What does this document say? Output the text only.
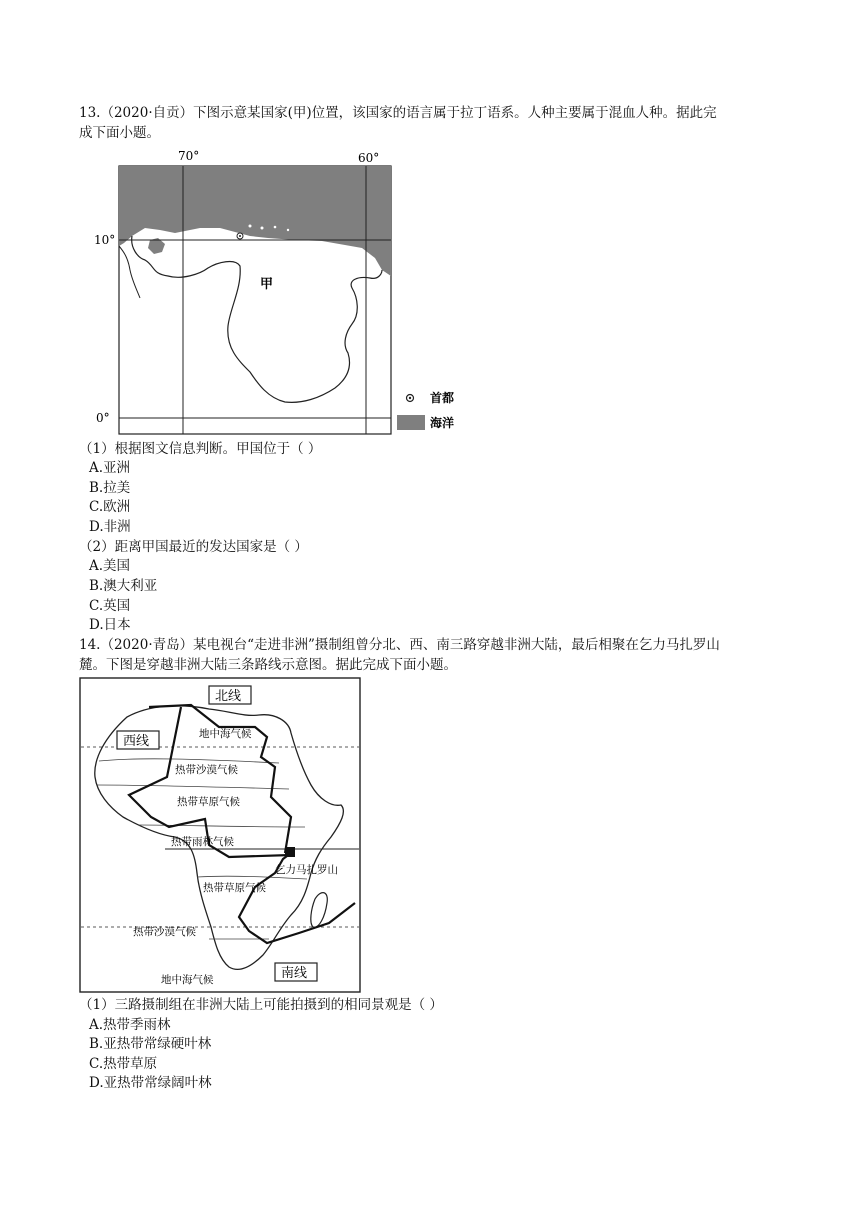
13.（2020·自贡）下图示意某国家(甲)位置，该国家的语言属于拉丁语系。人种主要属于混血人种。据此完
成下面小题。
70°	60°
10°
0°
甲
首都
海洋
（1）根据图文信息判断。甲国位于（ ）
A.亚洲
B.拉美
C.欧洲
D.非洲
（2）距离甲国最近的发达国家是（ ）
A.美国
B.澳大利亚
C.英国
D.日本
14.（2020·青岛）某电视台“走进非洲”摄制组曾分北、西、南三路穿越非洲大陆，最后相聚在乞力马扎罗山
麓。下图是穿越非洲大陆三条路线示意图。据此完成下面小题。
北线
西线
南线
地中海气候
热带沙漠气候
热带草原气候
热带雨林气候
乞力马扎罗山
热带草原气候
热带沙漠气候
地中海气候
（1）三路摄制组在非洲大陆上可能拍摄到的相同景观是（ ）
A.热带季雨林
B.亚热带常绿硬叶林
C.热带草原
D.亚热带常绿阔叶林
